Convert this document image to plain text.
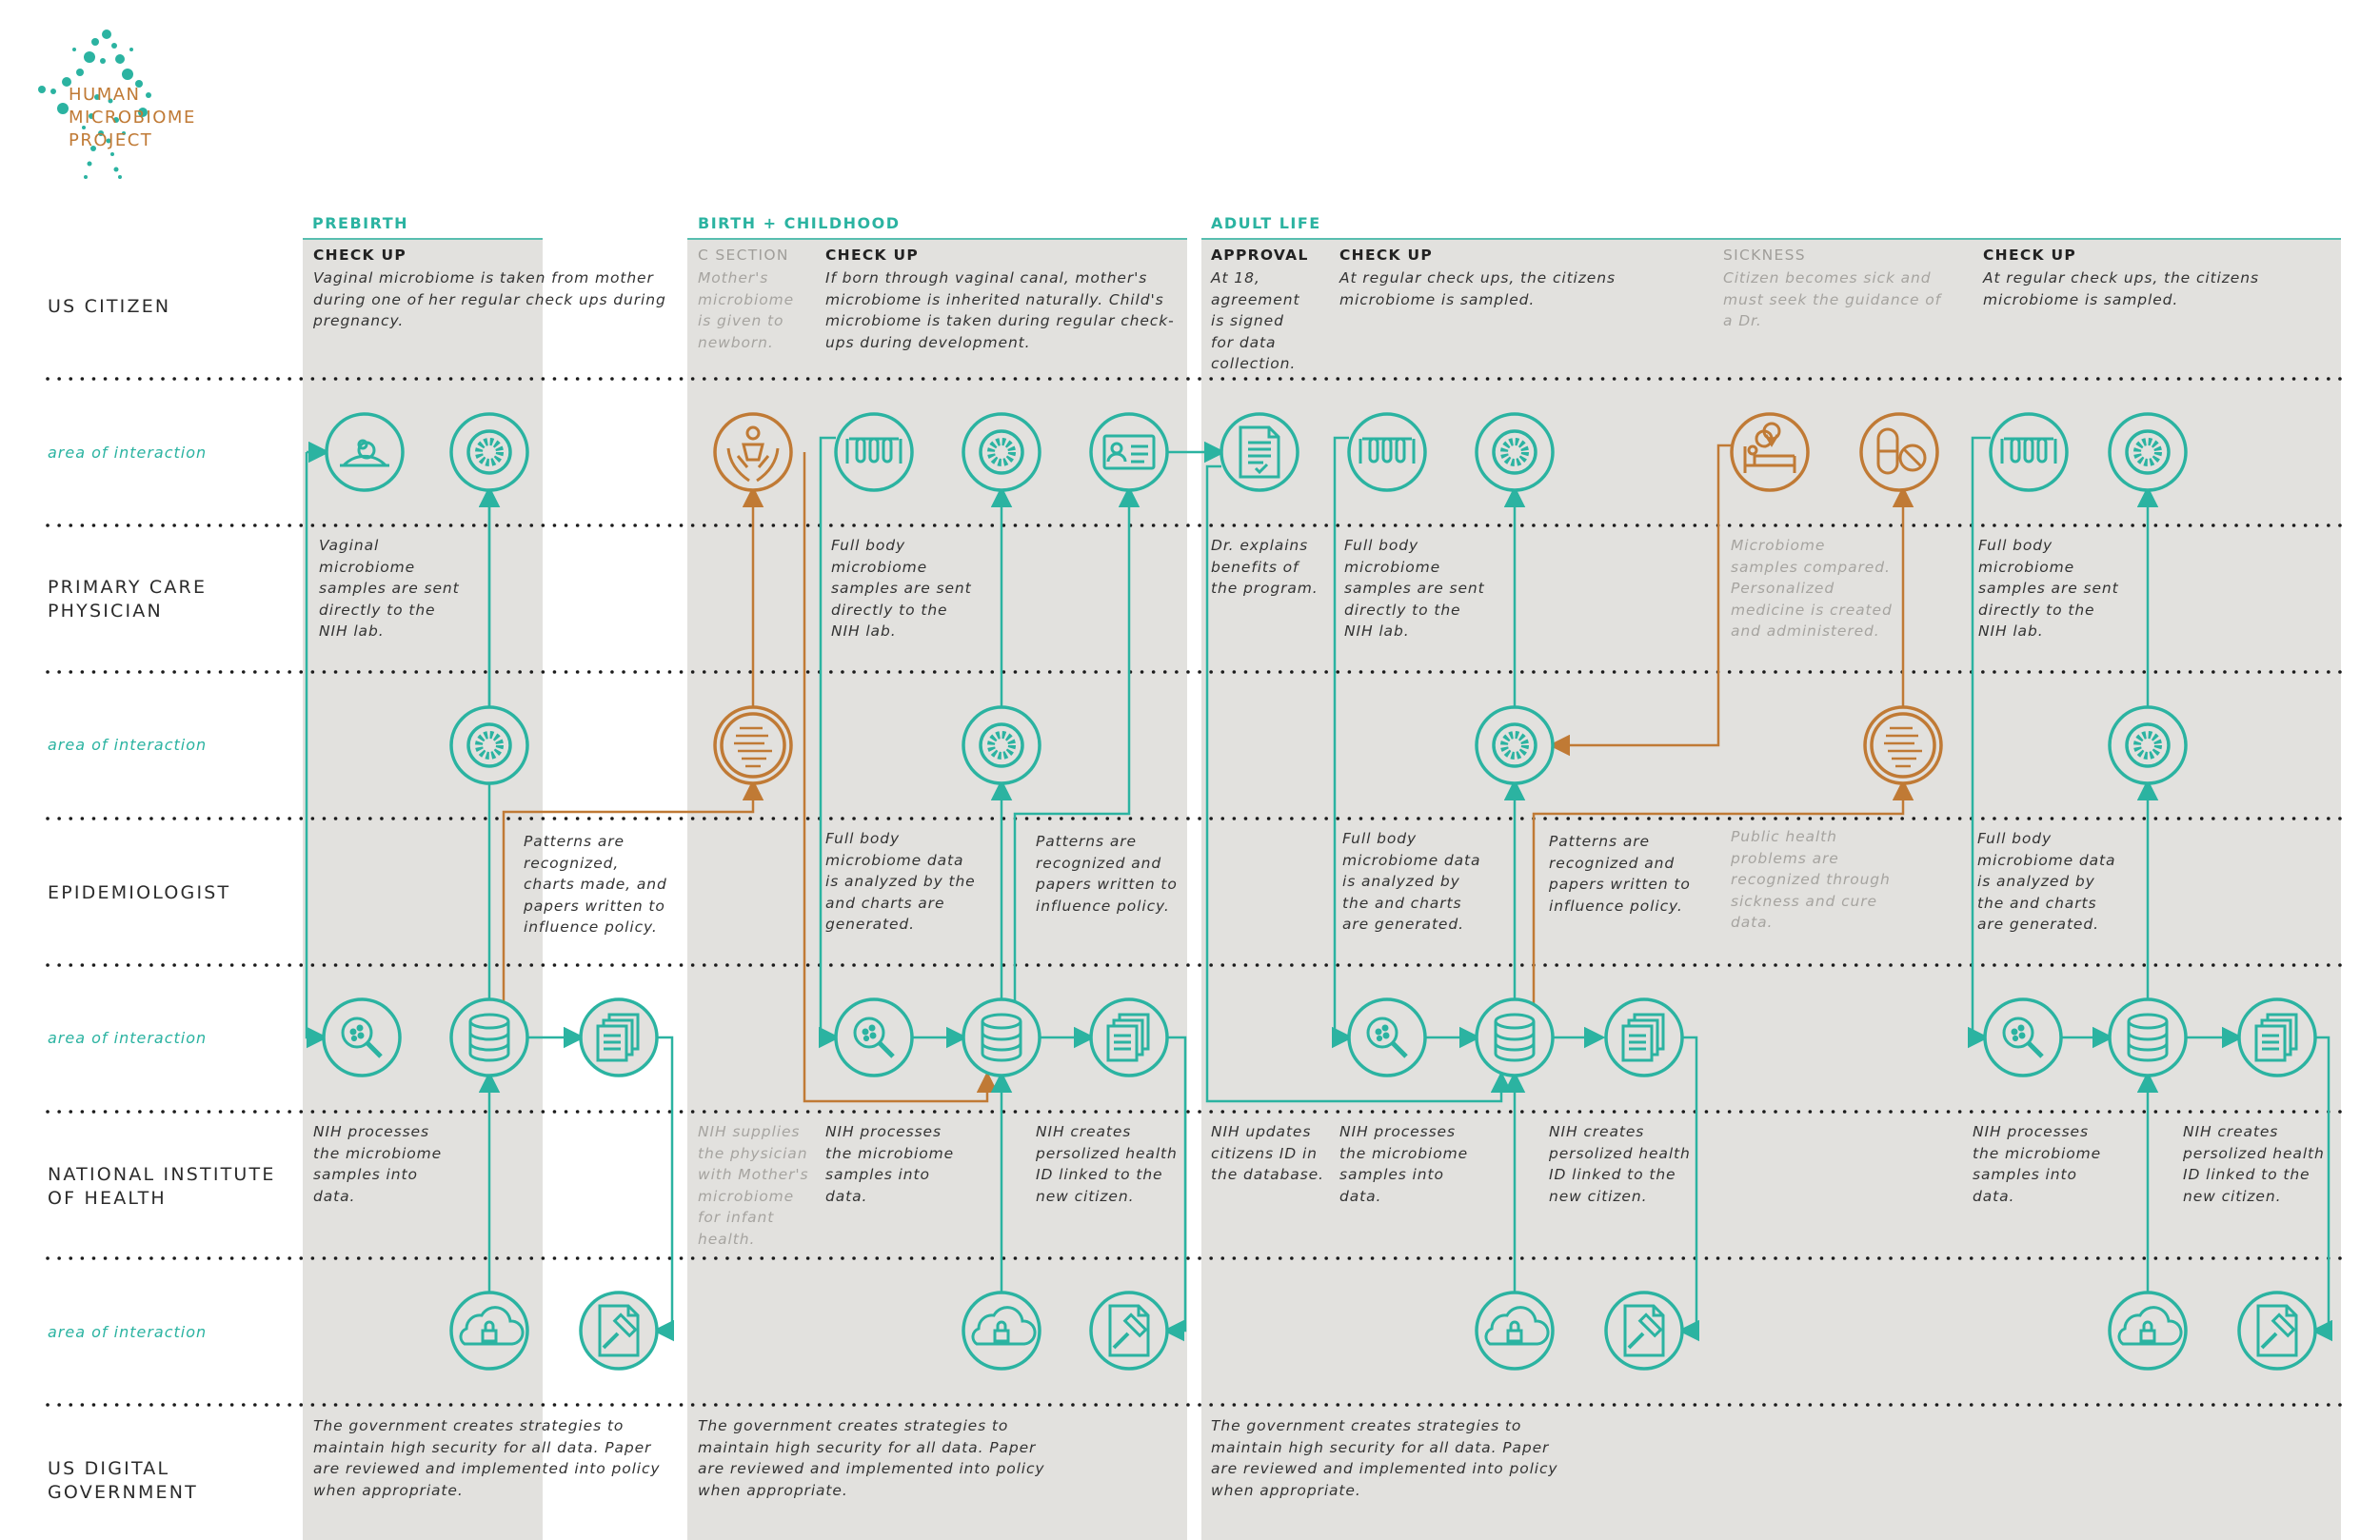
HUMAN
MICROBIOME
PROJECT
PREBIRTH	BIRTH + CHILDHOOD	ADULT LIFE
US CITIZEN
area of interaction
PRIMARY CARE
PHYSICIAN
area of interaction
EPIDEMIOLOGIST
area of interaction
NATIONAL INSTITUTE
OF HEALTH
area of interaction
US DIGITAL
GOVERNMENT
CHECK UP
Vaginal microbiome is taken from mother
during one of her regular check ups during
pregnancy.
C SECTION
Mother's
microbiome
is given to
newborn.
CHECK UP
If born through vaginal canal, mother's
microbiome is inherited naturally. Child's
microbiome is taken during regular check-
ups during development.
APPROVAL
At 18,
agreement
is signed
for data
collection.
CHECK UP
At regular check ups, the citizens
microbiome is sampled.
SICKNESS
Citizen becomes sick and
must seek the guidance of
a Dr.
CHECK UP
At regular check ups, the citizens
microbiome is sampled.
Vaginal
microbiome
samples are sent
directly to the
NIH lab.
Full body
microbiome
samples are sent
directly to the
NIH lab.
Dr. explains
benefits of
the program.
Full body
microbiome
samples are sent
directly to the
NIH lab.
Microbiome
samples compared.
Personalized
medicine is created
and administered.
Full body
microbiome
samples are sent
directly to the
NIH lab.
Patterns are
recognized,
charts made, and
papers written to
influence policy.
Full body
microbiome data
is analyzed by the
and charts are
generated.
Patterns are
recognized and
papers written to
influence policy.
Full body
microbiome data
is analyzed by
the and charts
are generated.
Patterns are
recognized and
papers written to
influence policy.
Public health
problems are
recognized through
sickness and cure
data.
Full body
microbiome data
is analyzed by
the and charts
are generated.
NIH processes
the microbiome
samples into
data.
NIH supplies
the physician
with Mother's
microbiome
for infant
health.
NIH processes
the microbiome
samples into
data.
NIH creates
persolized health
ID linked to the
new citizen.
NIH updates
citizens ID in
the database.
NIH processes
the microbiome
samples into
data.
NIH creates
persolized health
ID linked to the
new citizen.
NIH processes
the microbiome
samples into
data.
NIH creates
persolized health
ID linked to the
new citizen.
The government creates strategies to
maintain high security for all data. Paper
are reviewed and implemented into policy
when appropriate.
The government creates strategies to
maintain high security for all data. Paper
are reviewed and implemented into policy
when appropriate.
The government creates strategies to
maintain high security for all data. Paper
are reviewed and implemented into policy
when appropriate.
